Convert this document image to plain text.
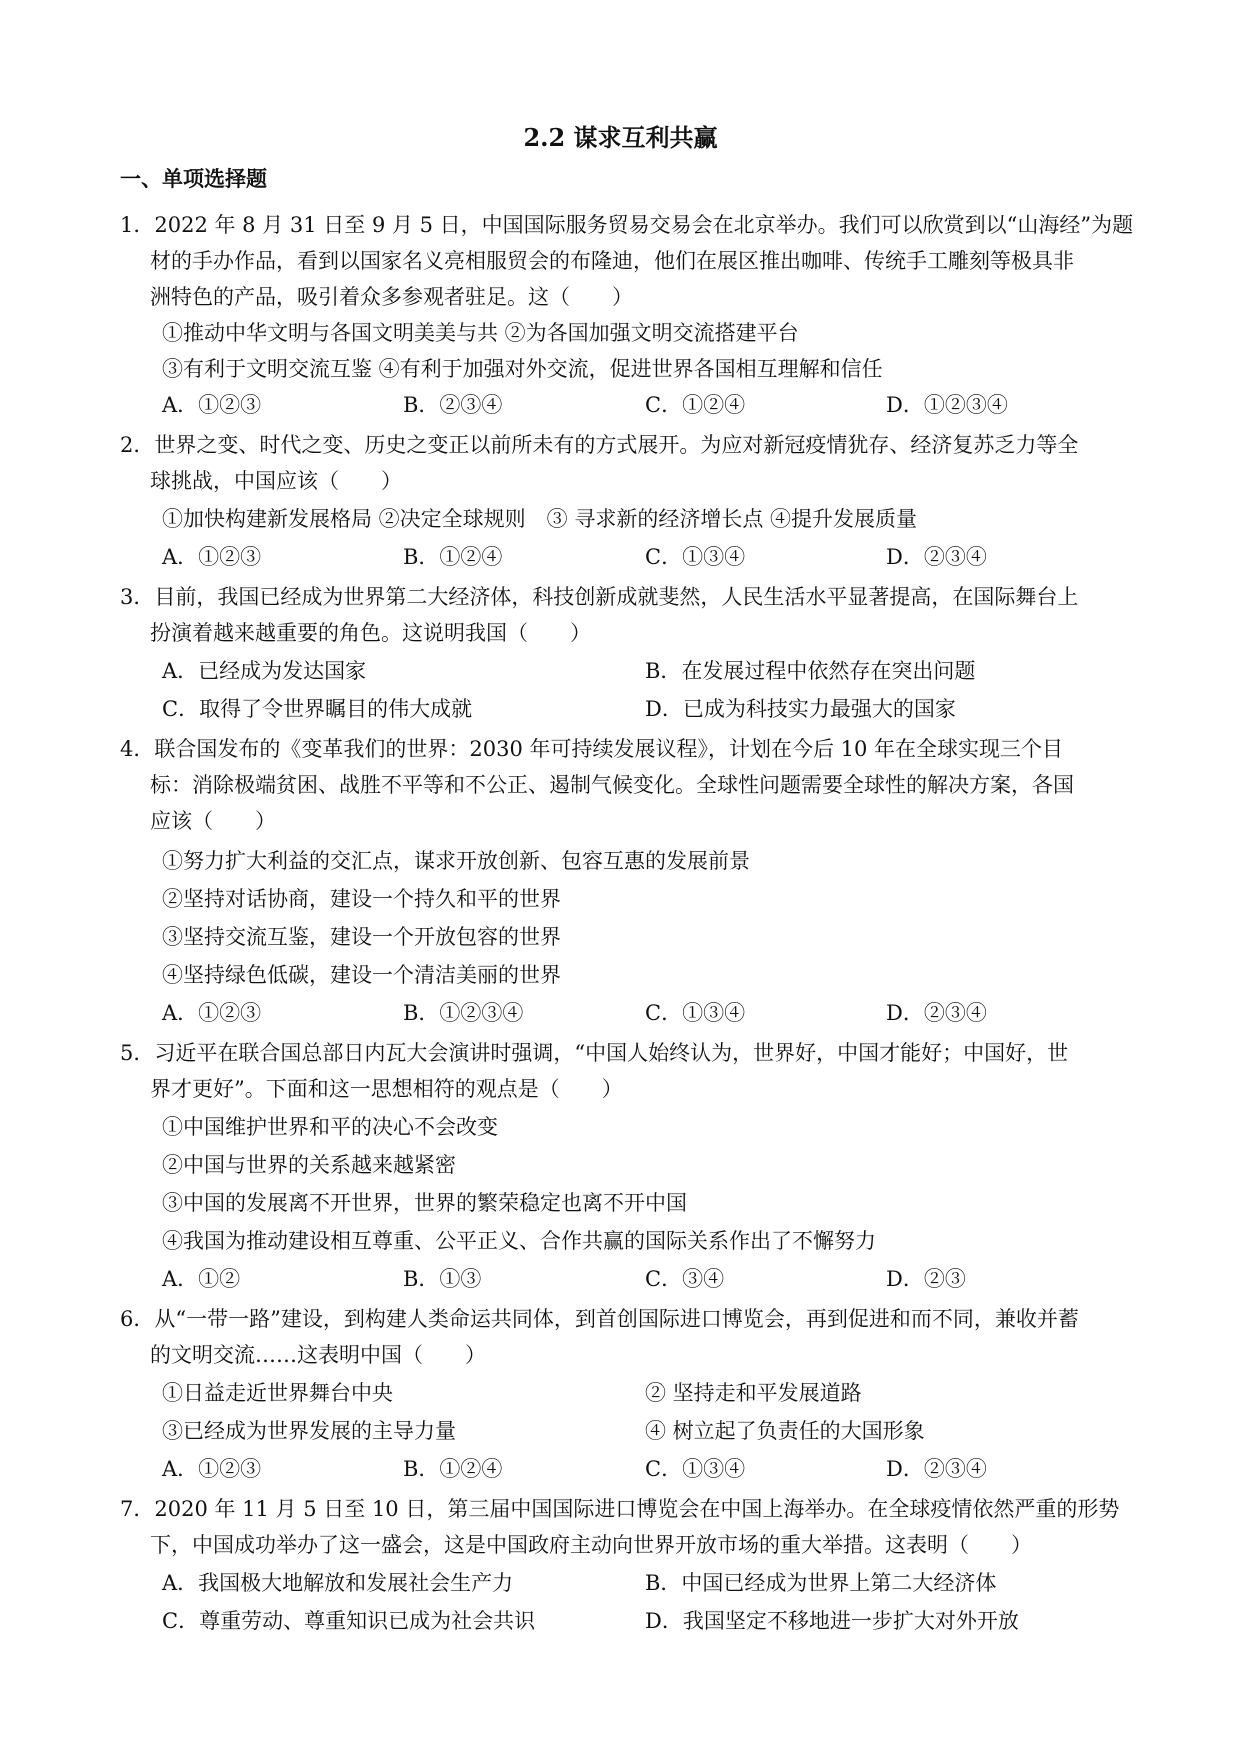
2.2 谋求互利共赢
一、单项选择题
1．2022 年 8 月 31 日至 9 月 5 日，中国国际服务贸易交易会在北京举办。我们可以欣赏到以“山海经”为题
材的手办作品，看到以国家名义亮相服贸会的布隆迪，他们在展区推出咖啡、传统手工雕刻等极具非
洲特色的产品，吸引着众多参观者驻足。这（　　）
①推动中华文明与各国文明美美与共 ②为各国加强文明交流搭建平台
③有利于文明交流互鉴 ④有利于加强对外交流，促进世界各国相互理解和信任
A．①②③	B．②③④	C．①②④	D．①②③④
2．世界之变、时代之变、历史之变正以前所未有的方式展开。为应对新冠疫情犹存、经济复苏乏力等全
球挑战，中国应该（　　）
①加快构建新发展格局 ②决定全球规则　③ 寻求新的经济增长点 ④提升发展质量
A．①②③	B．①②④	C．①③④	D．②③④
3．目前，我国已经成为世界第二大经济体，科技创新成就斐然，人民生活水平显著提高，在国际舞台上
扮演着越来越重要的角色。这说明我国（　　）
A．已经成为发达国家	B．在发展过程中依然存在突出问题
C．取得了令世界瞩目的伟大成就	D．已成为科技实力最强大的国家
4．联合国发布的《变革我们的世界：2030 年可持续发展议程》，计划在今后 10 年在全球实现三个目
标：消除极端贫困、战胜不平等和不公正、遏制气候变化。全球性问题需要全球性的解决方案，各国
应该（　　）
①努力扩大利益的交汇点，谋求开放创新、包容互惠的发展前景
②坚持对话协商，建设一个持久和平的世界
③坚持交流互鉴，建设一个开放包容的世界
④坚持绿色低碳，建设一个清洁美丽的世界
A．①②③	B．①②③④	C．①③④	D．②③④
5．习近平在联合国总部日内瓦大会演讲时强调，“中国人始终认为，世界好，中国才能好；中国好，世
界才更好”。下面和这一思想相符的观点是（　　）
①中国维护世界和平的决心不会改变
②中国与世界的关系越来越紧密
③中国的发展离不开世界，世界的繁荣稳定也离不开中国
④我国为推动建设相互尊重、公平正义、合作共赢的国际关系作出了不懈努力
A．①②	B．①③	C．③④	D．②③
6．从“一带一路”建设，到构建人类命运共同体，到首创国际进口博览会，再到促进和而不同，兼收并蓄
的文明交流……这表明中国（　　）
①日益走近世界舞台中央	② 坚持走和平发展道路
③已经成为世界发展的主导力量	④ 树立起了负责任的大国形象
A．①②③	B．①②④	C．①③④	D．②③④
7．2020 年 11 月 5 日至 10 日，第三届中国国际进口博览会在中国上海举办。在全球疫情依然严重的形势
下，中国成功举办了这一盛会，这是中国政府主动向世界开放市场的重大举措。这表明（　　）
A．我国极大地解放和发展社会生产力	B．中国已经成为世界上第二大经济体
C．尊重劳动、尊重知识已成为社会共识	D．我国坚定不移地进一步扩大对外开放
